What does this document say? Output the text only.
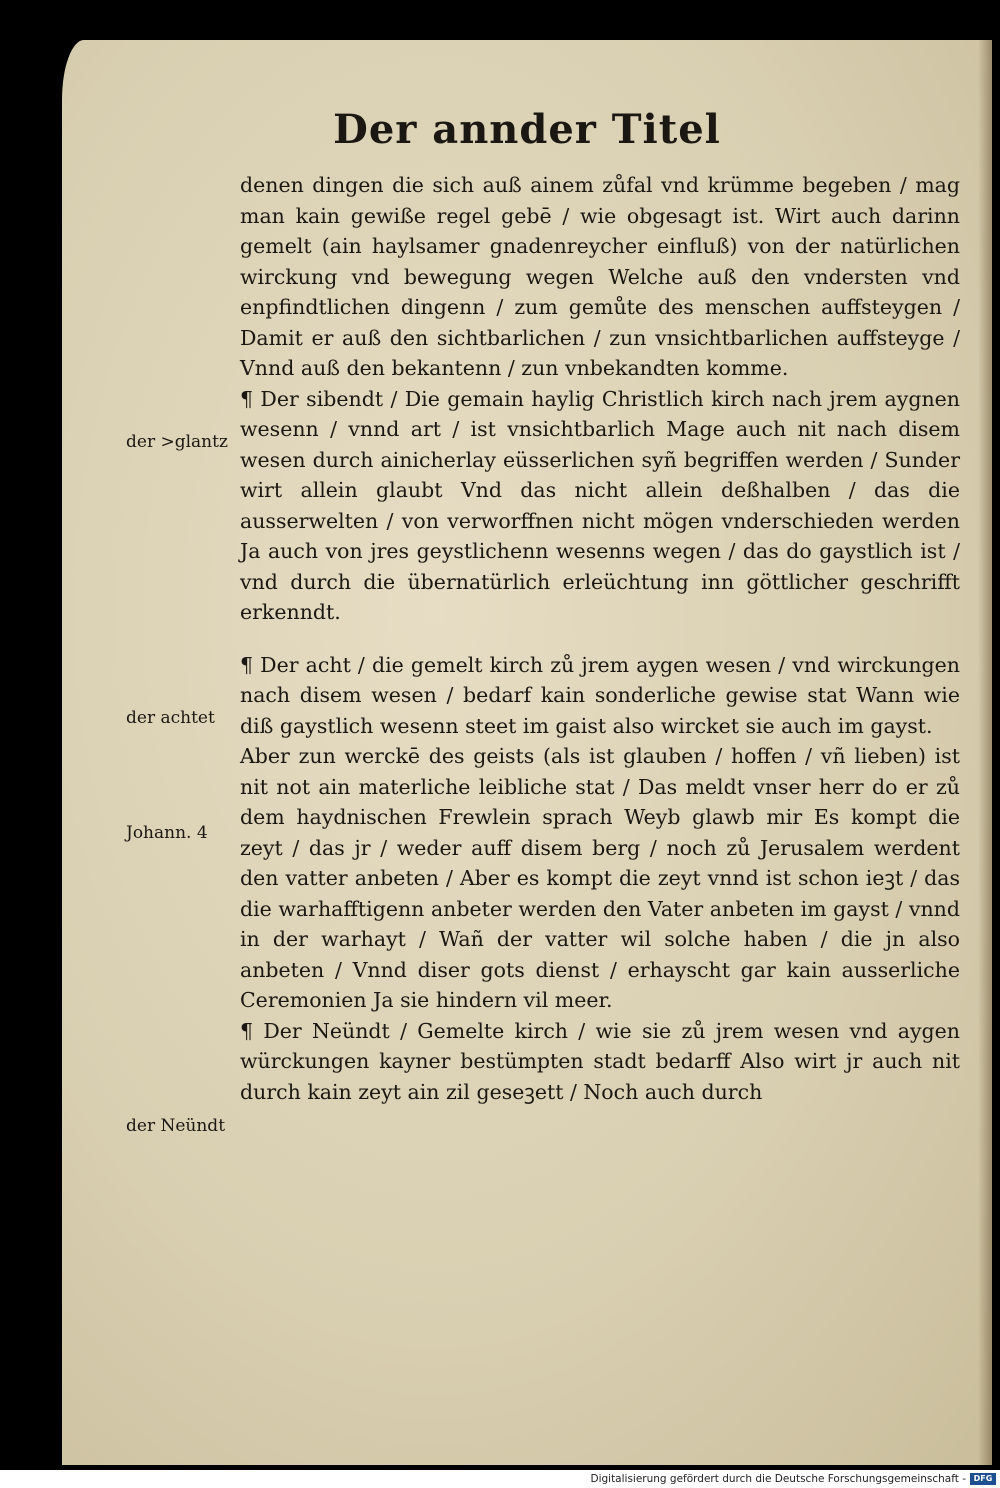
Der annder Titel

denen dingen die sich auß ainem zůfal vnd krümme begeben / mag man kain gewiße regel gebē / wie obgesagt ist. Wirt auch darinn gemelt (ain haylsamer gnadenreycher einfluß) von der natürlichen wirckung vnd bewegung wegen Welche auß den vndersten vnd enpfindtlichen dingenn / zum gemůte des menschen auffsteygen / Damit er auß den sichtbarlichen / zun vnsichtbarlichen auffsteyge / Vnnd auß den bekantenn / zun vnbekandten komme.

¶ Der sibendt / Die gemain haylig Christlich kirch nach jrem aygnen wesenn / vnnd art / ist vnsichtbarlich Mage auch nit nach disem wesen durch ainicherlay eüsserlichen syñ begriffen werden / Sunder wirt allein glaubt Vnd das nicht allein deßhalben / das die ausserwelten / von verworffnen nicht mögen vnderschieden werden Ja auch von jres geystlichenn wesenns wegen / das do gaystlich ist / vnd durch die übernatürlich erleüchtung inn göttlicher geschrifft erkenndt.

¶ Der acht / die gemelt kirch zů jrem aygen wesen / vnd wirckungen nach disem wesen / bedarf kain sonderliche gewise stat Wann wie diß gaystlich wesenn steet im gaist also wircket sie auch im gayst.

Aber zun werckē des geists (als ist glauben / hoffen / vñ lieben) ist nit not ain materliche leibliche stat / Das meldt vnser herr do er zů dem haydnischen Frewlein sprach Weyb glawb mir Es kompt die zeyt / das jr / weder auff disem berg / noch zů Jerusalem werdent den vatter anbeten / Aber es kompt die zeyt vnnd ist schon ieꝫt / das die warhafftigenn anbeter werden den Vater anbeten im gayst / vnnd in der warhayt / Wañ der vatter wil solche haben / die jn also anbeten / Vnnd diser gots dienst / erhayscht gar kain ausserliche Ceremonien Ja sie hindern vil meer.

¶ Der Neündt / Gemelte kirch / wie sie zů jrem wesen vnd aygen würckungen kayner bestümpten stadt bedarff Also wirt jr auch nit durch kain zeyt ain zil geseꝫett / Noch auch durch

der >glantz
der achtet
Johann. 4
der Neündt
Digitalisierung gefördert durch die Deutsche Forschungsgemeinschaft - DFG
